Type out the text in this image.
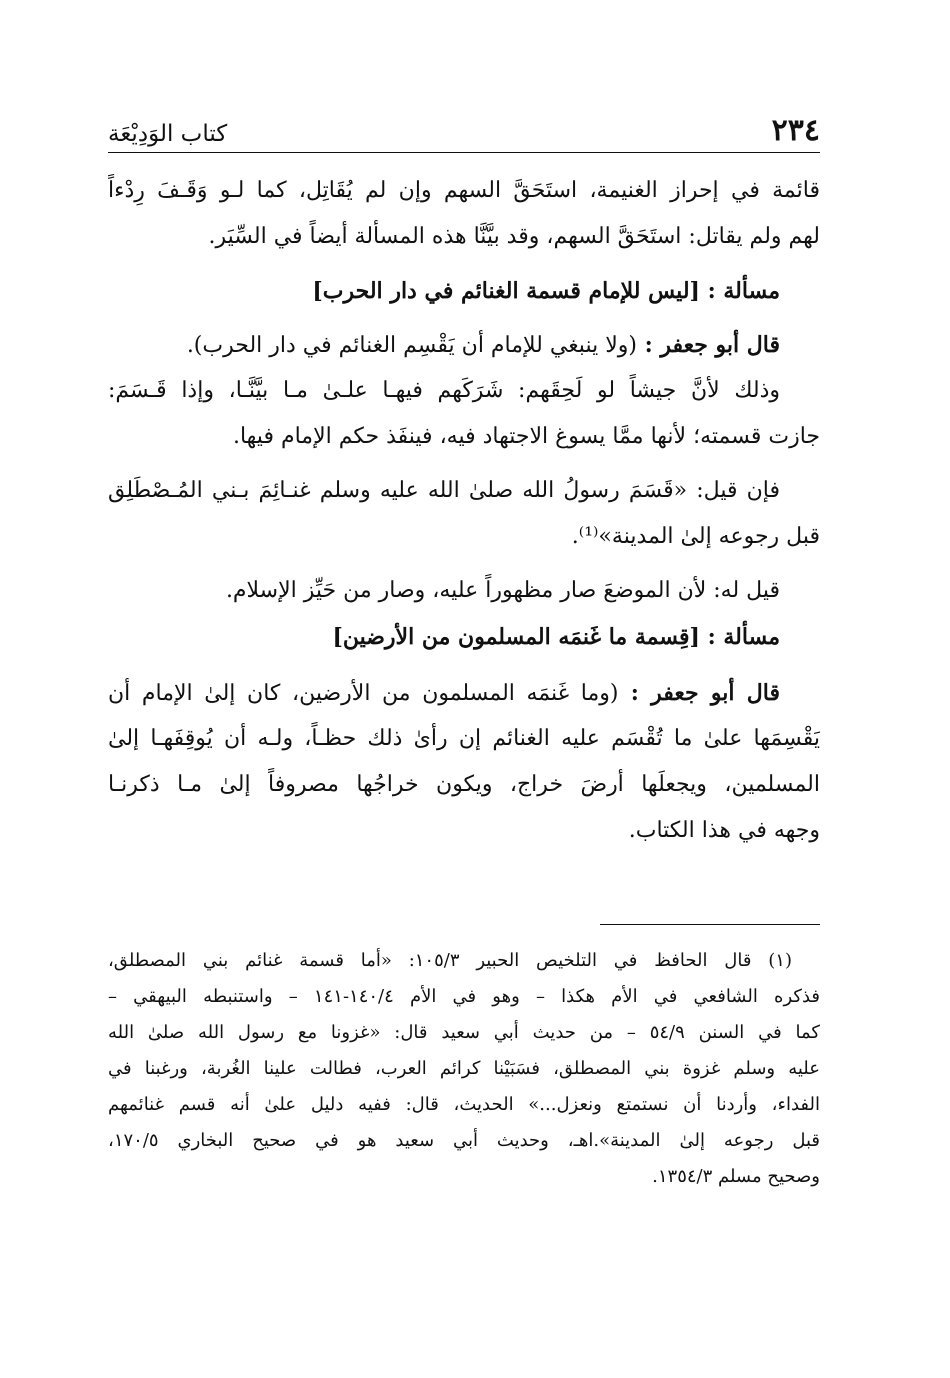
٢٣٤
كتاب الوَدِيْعَة
قائمة في إحراز الغنيمة، استَحَقَّ السهم وإن لم يُقَاتِل، كما لـو وَقَـفَ رِدْءاً
لهم ولم يقاتل: استَحَقَّ السهم، وقد بيَّنَّا هذه المسألة أيضاً في السِّيَر.
مسألة : [ليس للإمام قسمة الغنائم في دار الحرب]
قال أبو جعفر : (ولا ينبغي للإمام أن يَقْسِم الغنائم في دار الحرب).
وذلك لأنَّ جيشاً لو لَحِقَهم: شَرَكَهم فيهـا علـىٰ مـا بيَّنَّـا، وإذا قَـسَمَ:
جازت قسمته؛ لأنها ممَّا يسوغ الاجتهاد فيه، فينفَذ حكم الإمام فيها.
فإن قيل: «قَسَمَ رسولُ الله صلىٰ الله عليه وسلم غنـائِمَ بـني المُـصْطَلِق
قبل رجوعه إلىٰ المدينة»⁽¹⁾.
قيل له: لأن الموضعَ صار مظهوراً عليه، وصار من حَيِّز الإسلام.
مسألة : [قِسمة ما غَنمَه المسلمون من الأرضين]
قال أبو جعفر : (وما غَنمَه المسلمون من الأرضين، كان إلىٰ الإمام أن
يَقْسِمَها علىٰ ما تُقْسَم عليه الغنائم إن رأىٰ ذلك حظـاً، ولـه أن يُوقِفَهـا إلىٰ
المسلمين، ويجعلَها أرضَ خراج، ويكون خراجُها مصروفاً إلىٰ مـا ذكرنـا
وجهه في هذا الكتاب.
(١) قال الحافظ في التلخيص الحبير ١٠٥/٣: «أما قسمة غنائم بني المصطلق،
فذكره الشافعي في الأم هكذا – وهو في الأم ١٤٠/٤-١٤١ – واستنبطه البيهقي –
كما في السنن ٥٤/٩ – من حديث أبي سعيد قال: «غزونا مع رسول الله صلىٰ الله
عليه وسلم غزوة بني المصطلق، فسَبَيْنا كرائم العرب، فطالت علينا الغُربة، ورغبنا في
الفداء، وأردنا أن نستمتع ونعزل...» الحديث، قال: ففيه دليل علىٰ أنه قسم غنائمهم
قبل رجوعه إلىٰ المدينة».اهـ، وحديث أبي سعيد هو في صحيح البخاري ١٧٠/٥،
وصحيح مسلم ١٣٥٤/٣.
